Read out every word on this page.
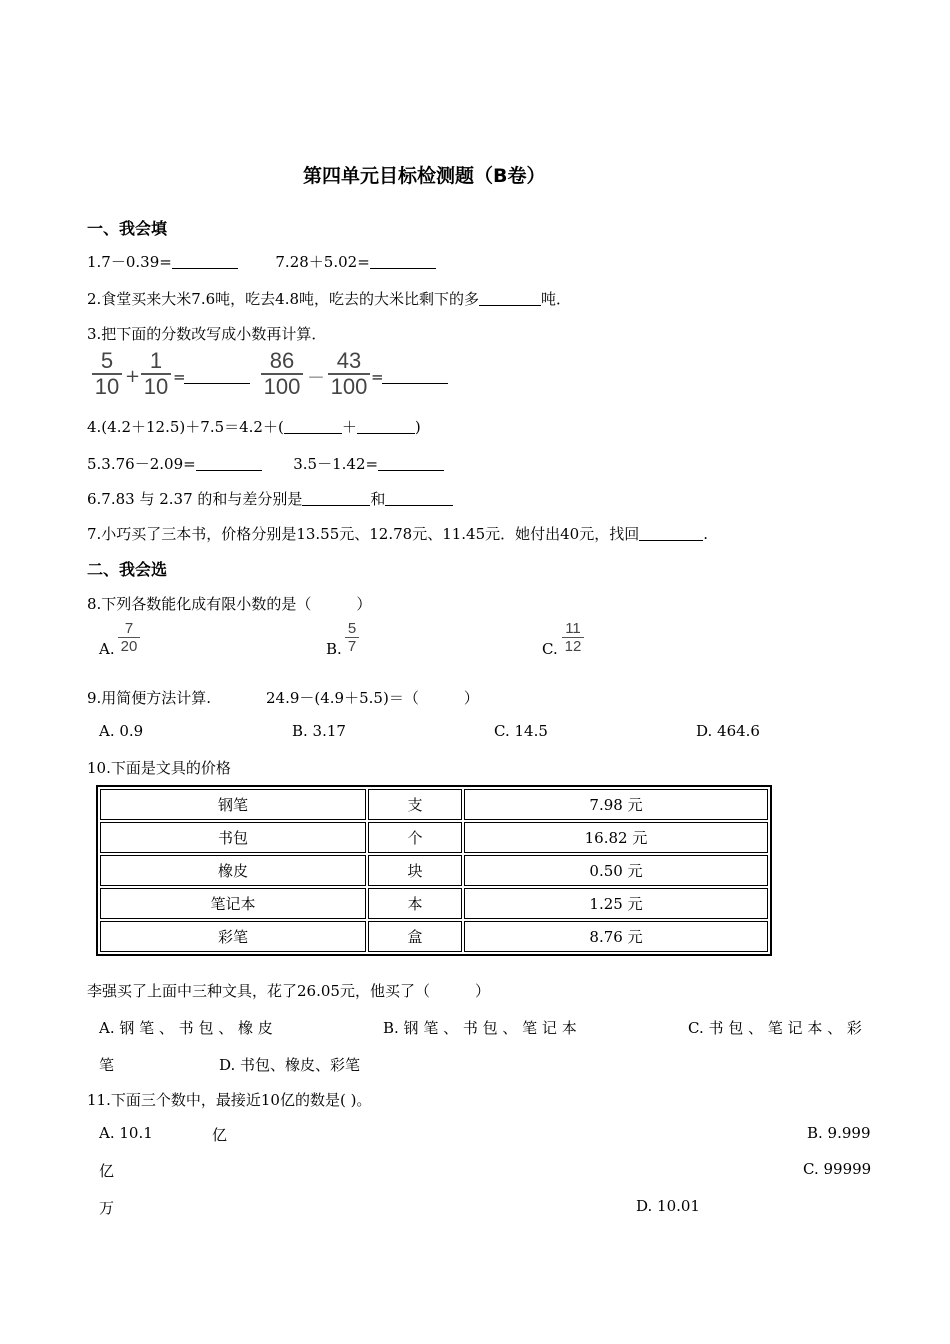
第四单元目标检测题（B卷）
一、我会填
1.7－0.39=	7.28＋5.02=
2.食堂买来大米7.6吨，吃去4.8吨，吃去的大米比剩下的多	吨．
3.把下面的分数改写成小数再计算．
5
10 +
1
10 =
86
100 －
43
100 =
4.(4.2＋12.5)＋7.5＝4.2＋(	＋	)
5.3.76－2.09=	3.5－1.42=
6.7.83 与 2.37 的和与差分别是	和
7.小巧买了三本书，价格分别是13.55元、12.78元、11.45元．她付出40元，找回	.
二、我会选
8.下列各数能化成有限小数的是（　　　）
A.
7
20	B.
5
7	C.
11
12
9.用简便方法计算.	24.9－(4.9＋5.5)＝（　　　）
A. 0.9	B. 3.17	C. 14.5	D. 464.6
10.下面是文具的价格
钢笔	支	7.98 元
书包	个	16.82 元
橡皮	块	0.50 元
笔记本	本	1.25 元
彩笔	盒	8.76 元
李强买了上面中三种文具，花了26.05元，他买了（　　　）
A. 钢 笔 、 书 包 、 橡 皮	B. 钢 笔 、 书 包 、 笔 记 本	C. 书 包 、 笔 记 本 、 彩
笔	D. 书包、橡皮、彩笔
11.下面三个数中，最接近10亿的数是( )。
A. 10.1	亿	B. 9.999
亿	C. 99999
万	D. 10.01
